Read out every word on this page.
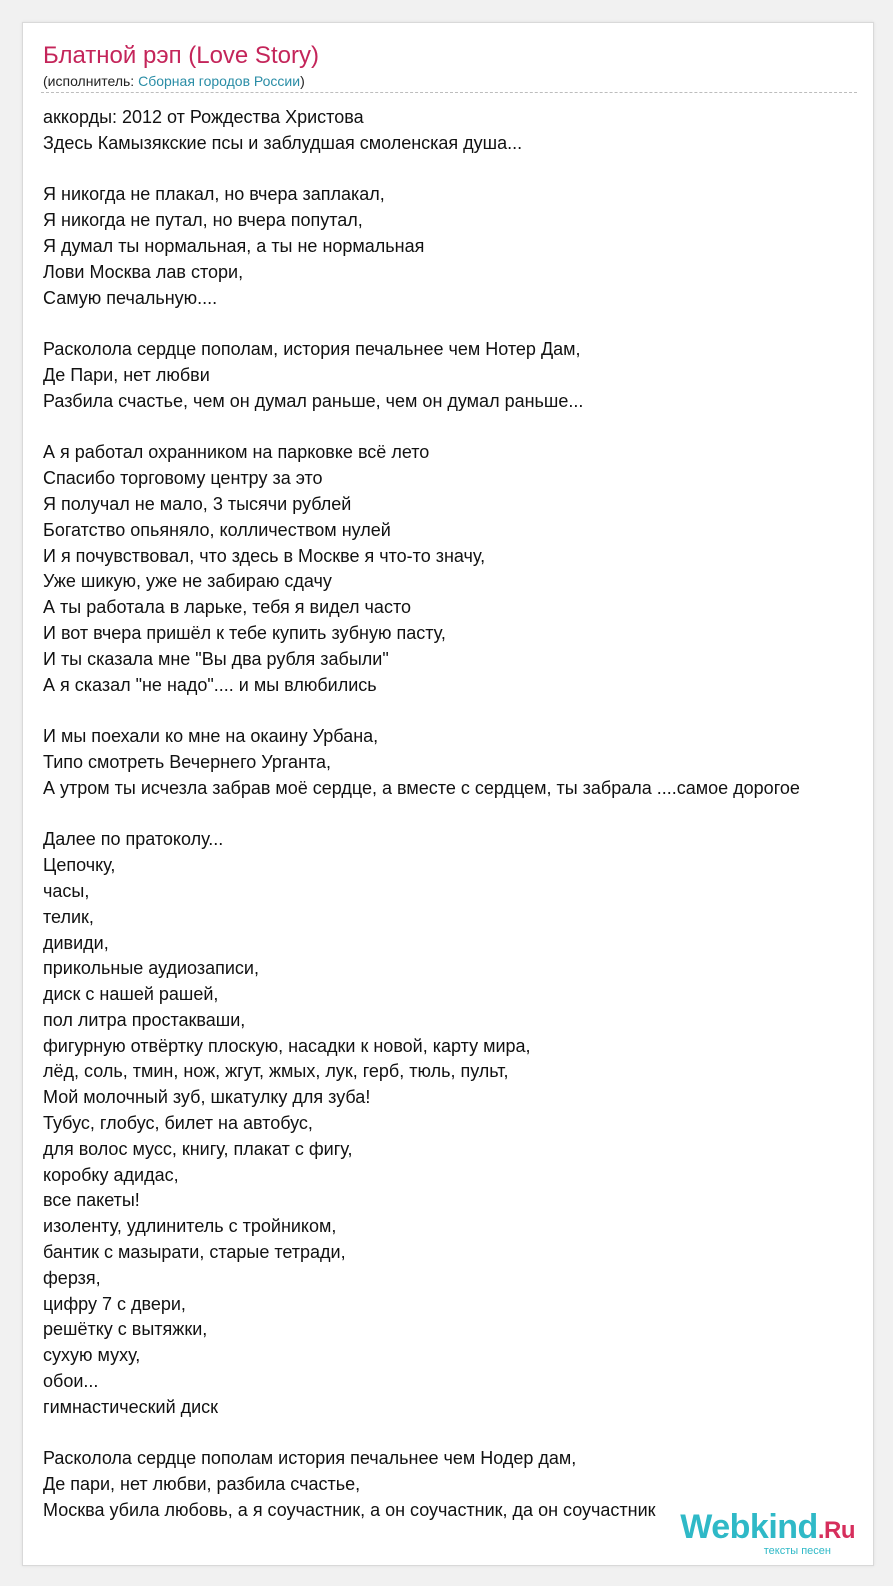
Блатной рэп (Love Story)
(исполнитель: Сборная городов России)
аккорды: 2012 от Рождества Христова
Здесь Камызякские псы и заблудшая смоленская душа...
Я никогда не плакал, но вчера заплакал,
Я никогда не путал, но вчера попутал,
Я думал ты нормальная, а ты не нормальная
Лови Москва лав стори,
Самую печальную....
Расколола сердце пополам, история печальнее чем Нотер Дам,
Де Пари, нет любви
Разбила счастье, чем он думал раньше, чем он думал раньше...
А я работал охранником на парковке всё лето
Спасибо торговому центру за это
Я получал не мало, 3 тысячи рублей
Богатство опьяняло, колличеством нулей
И я почувствовал, что здесь в Москве я что-то значу,
Уже шикую, уже не забираю сдачу
А ты работала в ларьке, тебя я видел часто
И вот вчера пришёл к тебе купить зубную пасту,
И ты сказала мне "Вы два рубля забыли"
А я сказал "не надо".... и мы влюбились
И мы поехали ко мне на окаину Урбана,
Типо смотреть Вечернего Урганта,
А утром ты исчезла забрав моё сердце, а вместе с сердцем, ты забрала ....самое дорогое
Далее по пратоколу...
Цепочку,
часы,
телик,
дивиди,
прикольные аудиозаписи,
диск с нашей рашей,
пол литра простакваши,
фигурную отвёртку плоскую, насадки к новой, карту мира,
лёд, соль, тмин, нож, жгут, жмых, лук, герб, тюль, пульт,
Мой молочный зуб, шкатулку для зуба!
Тубус, глобус, билет на автобус,
для волос мусс, книгу, плакат с фигу,
коробку адидас,
все пакеты!
изоленту, удлинитель с тройником,
бантик с мазырати, старые тетради,
ферзя,
цифру 7 с двери,
решётку с вытяжки,
сухую муху,
обои...
гимнастический диск
Расколола сердце пополам история печальнее чем Нодер дам,
Де пари, нет любви, разбила счастье,
Москва убила любовь, а я соучастник, а он соучастник, да он соучастник Webkind.Ru
тексты песен
